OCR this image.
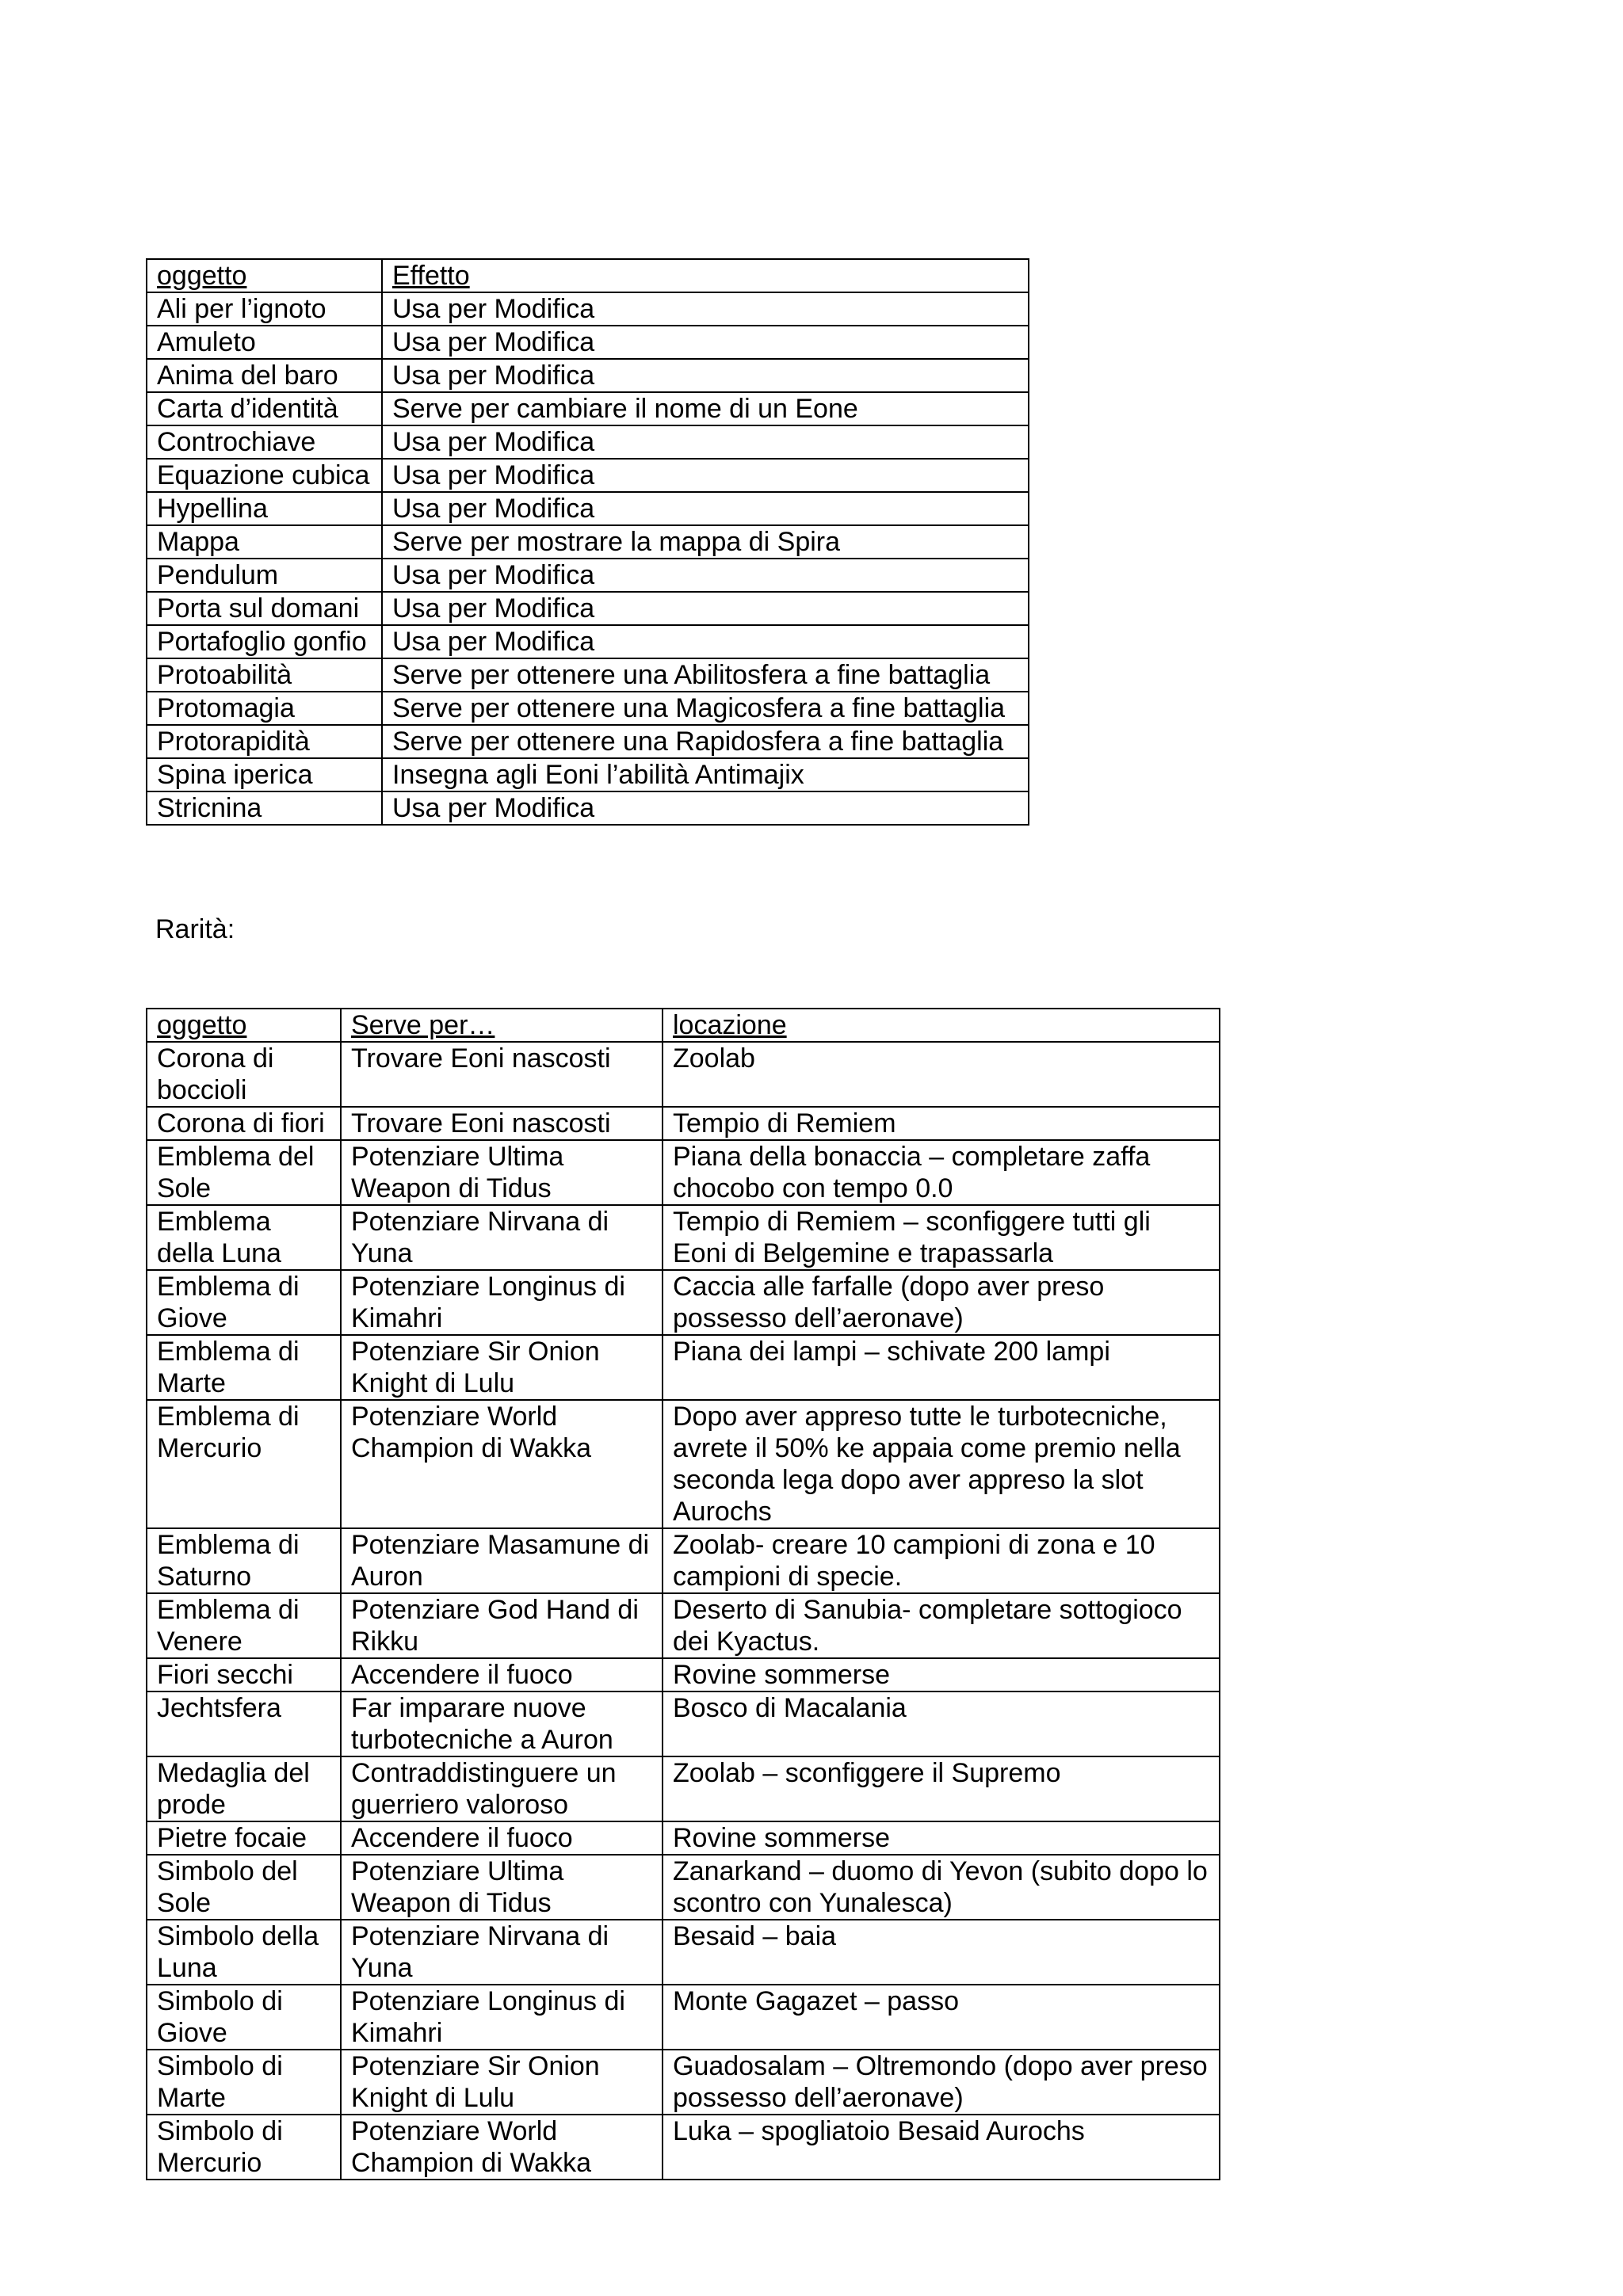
oggetto	Effetto
Ali per l’ignoto	Usa per Modifica
Amuleto	Usa per Modifica
Anima del baro	Usa per Modifica
Carta d’identità	Serve per cambiare il nome di un Eone
Controchiave	Usa per Modifica
Equazione cubica	Usa per Modifica
Hypellina	Usa per Modifica
Mappa	Serve per mostrare la mappa di Spira
Pendulum	Usa per Modifica
Porta sul domani	Usa per Modifica
Portafoglio gonfio	Usa per Modifica
Protoabilità	Serve per ottenere una Abilitosfera a fine battaglia
Protomagia	Serve per ottenere una Magicosfera a fine battaglia
Protorapidità	Serve per ottenere una Rapidosfera a fine battaglia
Spina iperica	Insegna agli Eoni l’abilità Antimajix
Stricnina	Usa per Modifica
Rarità:
oggetto	Serve per…	locazione
Corona di boccioli	Trovare Eoni nascosti	Zoolab
Corona di fiori	Trovare Eoni nascosti	Tempio di Remiem
Emblema del Sole	Potenziare Ultima Weapon di Tidus	Piana della bonaccia – completare zaffa chocobo con tempo 0.0
Emblema della Luna	Potenziare Nirvana di Yuna	Tempio di Remiem – sconfiggere tutti gli Eoni di Belgemine e trapassarla
Emblema di Giove	Potenziare Longinus di Kimahri	Caccia alle farfalle (dopo aver preso possesso dell’aeronave)
Emblema di Marte	Potenziare Sir Onion Knight di Lulu	Piana dei lampi – schivate 200 lampi
Emblema di Mercurio	Potenziare World Champion di Wakka	Dopo aver appreso tutte le turbotecniche, avrete il 50% ke appaia come premio nella seconda lega dopo aver appreso la slot Aurochs
Emblema di Saturno	Potenziare Masamune di Auron	Zoolab- creare 10 campioni di zona e 10 campioni di specie.
Emblema di Venere	Potenziare God Hand di Rikku	Deserto di Sanubia- completare sottogioco dei Kyactus.
Fiori secchi	Accendere il fuoco	Rovine sommerse
Jechtsfera	Far imparare nuove turbotecniche a Auron	Bosco di Macalania
Medaglia del prode	Contraddistinguere un guerriero valoroso	Zoolab – sconfiggere il Supremo
Pietre focaie	Accendere il fuoco	Rovine sommerse
Simbolo del Sole	Potenziare Ultima Weapon di Tidus	Zanarkand – duomo di Yevon (subito dopo lo scontro con Yunalesca)
Simbolo della Luna	Potenziare Nirvana di Yuna	Besaid – baia
Simbolo di Giove	Potenziare Longinus di Kimahri	Monte Gagazet – passo
Simbolo di Marte	Potenziare Sir Onion Knight di Lulu	Guadosalam – Oltremondo (dopo aver preso possesso dell’aeronave)
Simbolo di Mercurio	Potenziare World Champion di Wakka	Luka – spogliatoio Besaid Aurochs
